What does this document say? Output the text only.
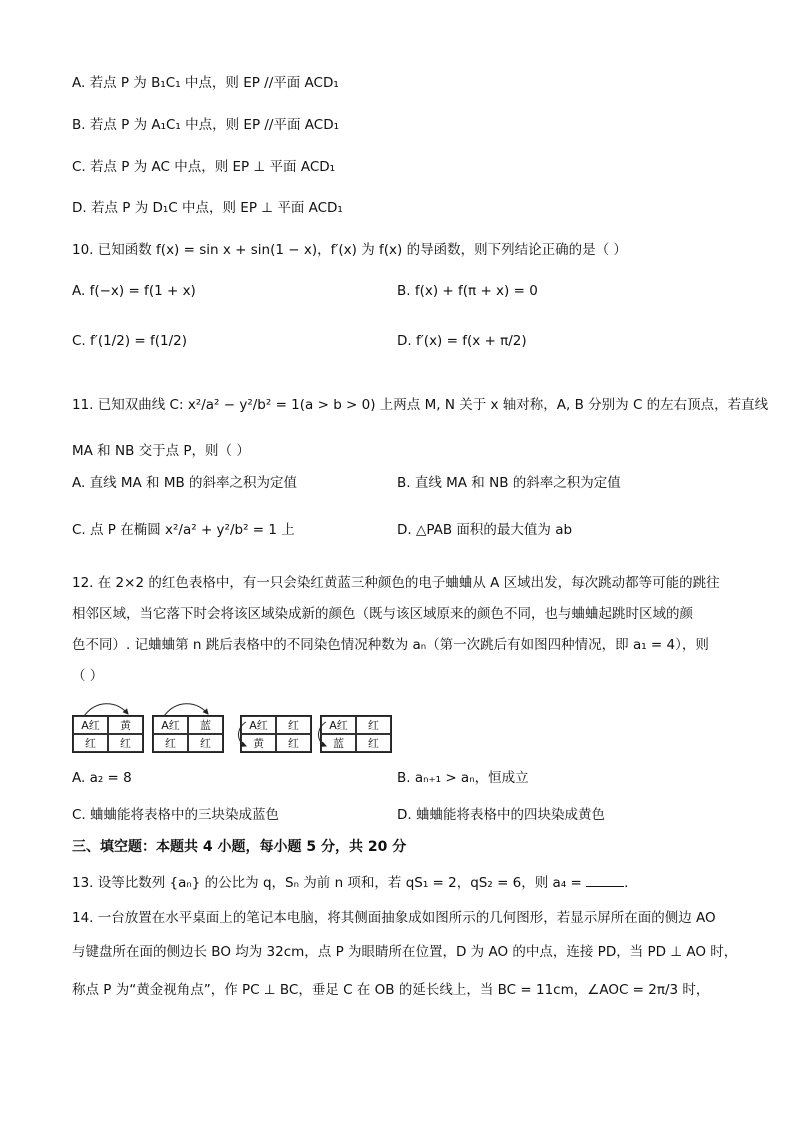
A. 若点 P 为 B₁C₁ 中点，则 EP //平面 ACD₁
B. 若点 P 为 A₁C₁ 中点，则 EP //平面 ACD₁
C. 若点 P 为 AC 中点，则 EP ⊥ 平面 ACD₁
D. 若点 P 为 D₁C 中点，则 EP ⊥ 平面 ACD₁
10. 已知函数 f(x) = sin x + sin(1 − x)，f′(x) 为 f(x) 的导函数，则下列结论正确的是（ ）
A. f(−x) = f(1 + x)	B. f(x) + f(π + x) = 0
C. f′(1/2) = f(1/2)	D. f′(x) = f(x + π/2)
11. 已知双曲线 C: x²/a² − y²/b² = 1(a > b > 0) 上两点 M, N 关于 x 轴对称，A, B 分别为 C 的左右顶点，若直线
MA 和 NB 交于点 P，则（ ）
A. 直线 MA 和 MB 的斜率之积为定值	B. 直线 MA 和 NB 的斜率之积为定值
C. 点 P 在椭圆 x²/a² + y²/b² = 1 上	D. △PAB 面积的最大值为 ab
12. 在 2×2 的红色表格中，有一只会染红黄蓝三种颜色的电子蛐蛐从 A 区域出发，每次跳动都等可能的跳往
相邻区域，当它落下时会将该区域染成新的颜色（既与该区域原来的颜色不同，也与蛐蛐起跳时区域的颜
色不同）. 记蛐蛐第 n 跳后表格中的不同染色情况种数为 aₙ（第一次跳后有如图四种情况，即 a₁ = 4），则
（ ）
A红	黄
红	红
A红	蓝
红	红
A红	红
黄	红
A红	红
蓝	红
A. a₂ = 8	B. aₙ₊₁ > aₙ，恒成立
C. 蛐蛐能将表格中的三块染成蓝色	D. 蛐蛐能将表格中的四块染成黄色
三、填空题：本题共 4 小题，每小题 5 分，共 20 分
13. 设等比数列 {aₙ} 的公比为 q，Sₙ 为前 n 项和，若 qS₁ = 2，qS₂ = 6，则 a₄ =	.
14. 一台放置在水平桌面上的笔记本电脑，将其侧面抽象成如图所示的几何图形，若显示屏所在面的侧边 AO
与键盘所在面的侧边长 BO 均为 32cm，点 P 为眼睛所在位置，D 为 AO 的中点，连接 PD，当 PD ⊥ AO 时，
称点 P 为“黄金视角点”，作 PC ⊥ BC，垂足 C 在 OB 的延长线上，当 BC = 11cm，∠AOC = 2π/3 时，
